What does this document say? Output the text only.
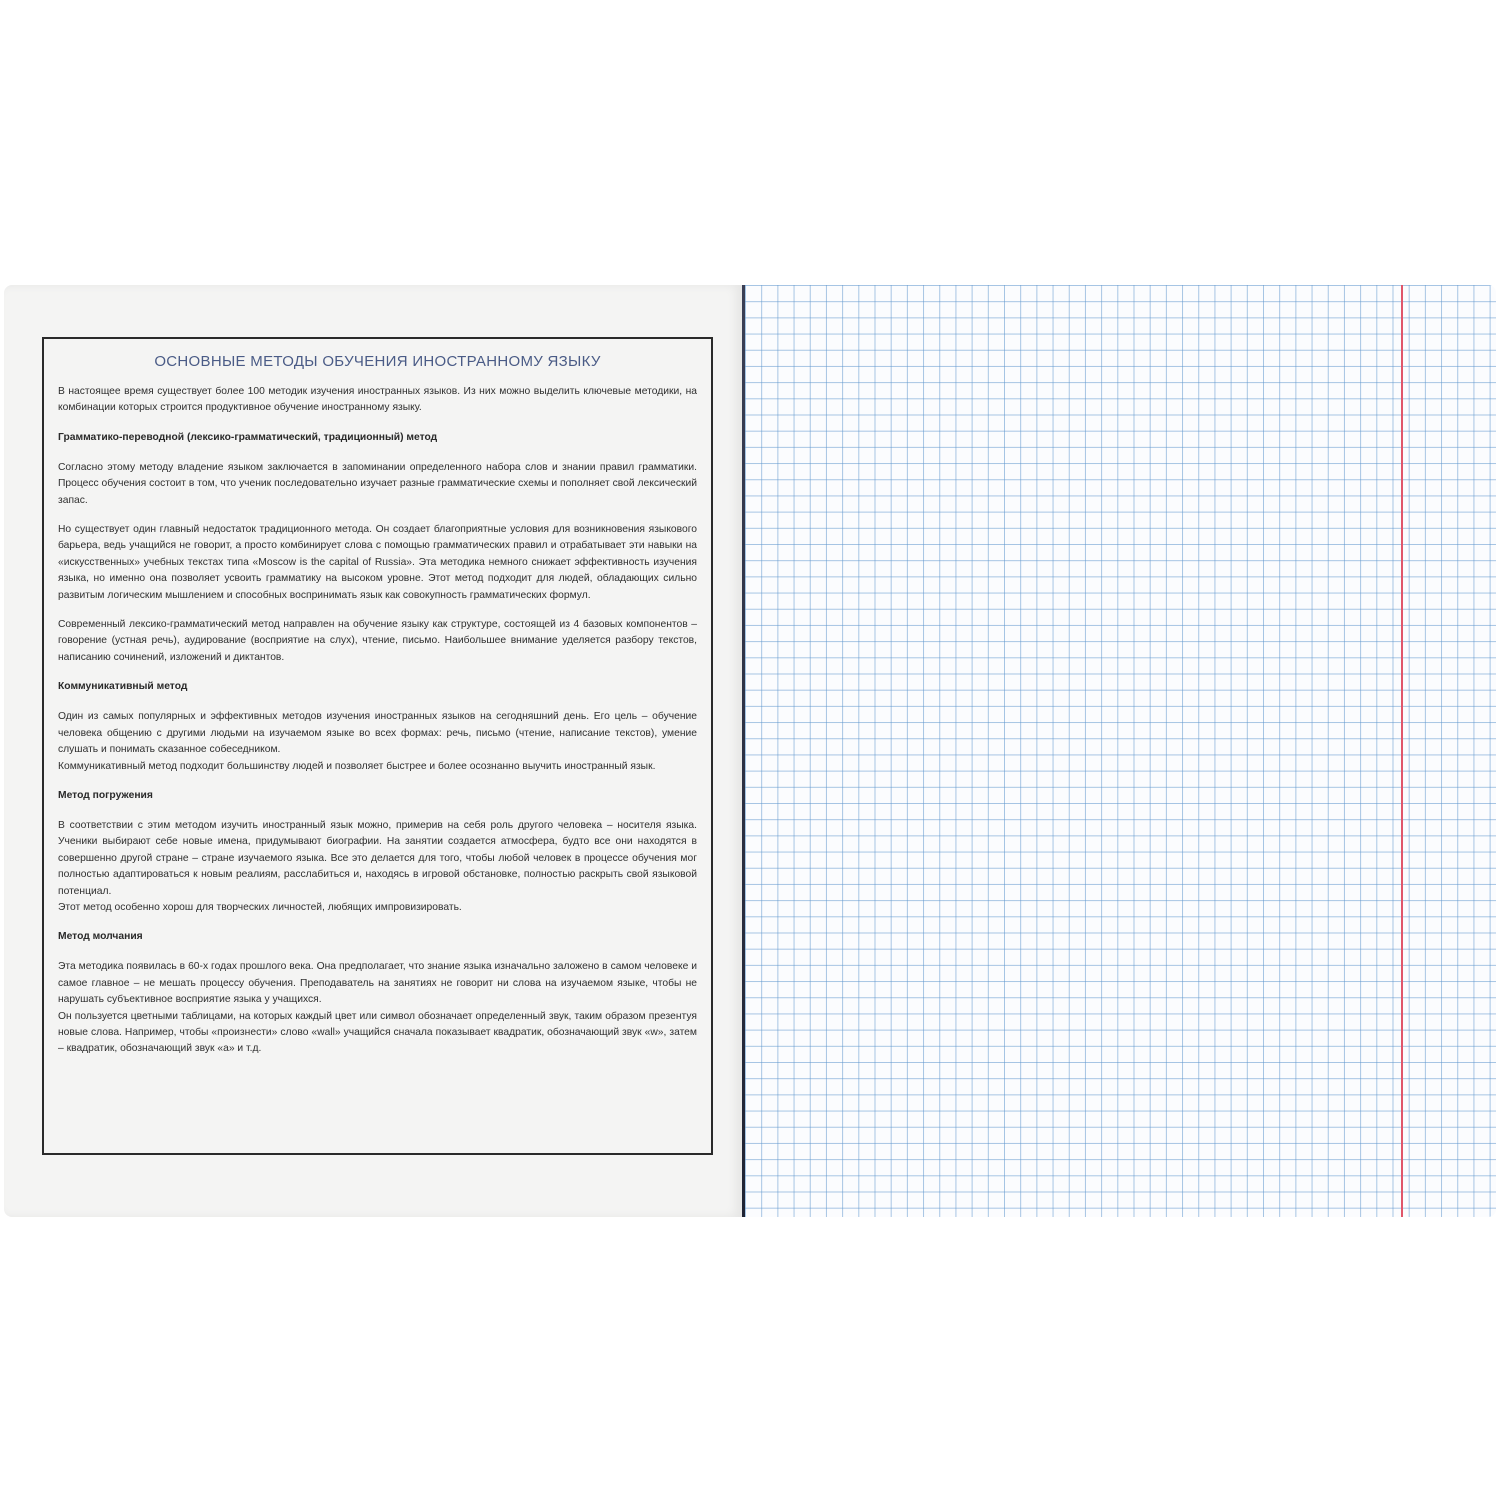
ОСНОВНЫЕ МЕТОДЫ ОБУЧЕНИЯ ИНОСТРАННОМУ ЯЗЫКУ

В настоящее время существует более 100 методик изучения иностранных языков. Из них можно выделить ключевые методики, на комбинации которых строится продуктивное обучение иностранному языку.

Грамматико-переводной (лексико-грамматический, традиционный) метод

Согласно этому методу владение языком заключается в запоминании определенного набора слов и знании правил грамматики. Процесс обучения состоит в том, что ученик последовательно изучает разные грамматические схемы и пополняет свой лексический запас.

Но существует один главный недостаток традиционного метода. Он создает благоприятные условия для возникновения языкового барьера, ведь учащийся не говорит, а просто комбинирует слова с помощью грамматических правил и отрабатывает эти навыки на «искусственных» учебных текстах типа «Moscow is the capital of Russia». Эта методика немного снижает эффективность изучения языка, но именно она позволяет усвоить грамматику на высоком уровне. Этот метод подходит для людей, обладающих сильно развитым логическим мышлением и способных воспринимать язык как совокупность грамматических формул.

Современный лексико-грамматический метод направлен на обучение языку как структуре, состоящей из 4 базовых компонентов – говорение (устная речь), аудирование (восприятие на слух), чтение, письмо. Наибольшее внимание уделяется разбору текстов, написанию сочинений, изложений и диктантов.

Коммуникативный метод

Один из самых популярных и эффективных методов изучения иностранных языков на сегодняшний день. Его цель – обучение человека общению с другими людьми на изучаемом языке во всех формах: речь, письмо (чтение, написание текстов), умение слушать и понимать сказанное собеседником.

Коммуникативный метод подходит большинству людей и позволяет быстрее и более осознанно выучить иностранный язык.

Метод погружения

В соответствии с этим методом изучить иностранный язык можно, примерив на себя роль другого человека – носителя языка. Ученики выбирают себе новые имена, придумывают биографии. На занятии создается атмосфера, будто все они находятся в совершенно другой стране – стране изучаемого языка. Все это делается для того, чтобы любой человек в процессе обучения мог полностью адаптироваться к новым реалиям, расслабиться и, находясь в игровой обстановке, полностью раскрыть свой языковой потенциал.

Этот метод особенно хорош для творческих личностей, любящих импровизировать.

Метод молчания

Эта методика появилась в 60-х годах прошлого века. Она предполагает, что знание языка изначально заложено в самом человеке и самое главное – не мешать процессу обучения. Преподаватель на занятиях не говорит ни слова на изучаемом языке, чтобы не нарушать субъективное восприятие языка у учащихся.

Он пользуется цветными таблицами, на которых каждый цвет или символ обозначает определенный звук, таким образом презентуя новые слова. Например, чтобы «произнести» слово «wall» учащийся сначала показывает квадратик, обозначающий звук «w», затем – квадратик, обозначающий звук «a» и т.д.
